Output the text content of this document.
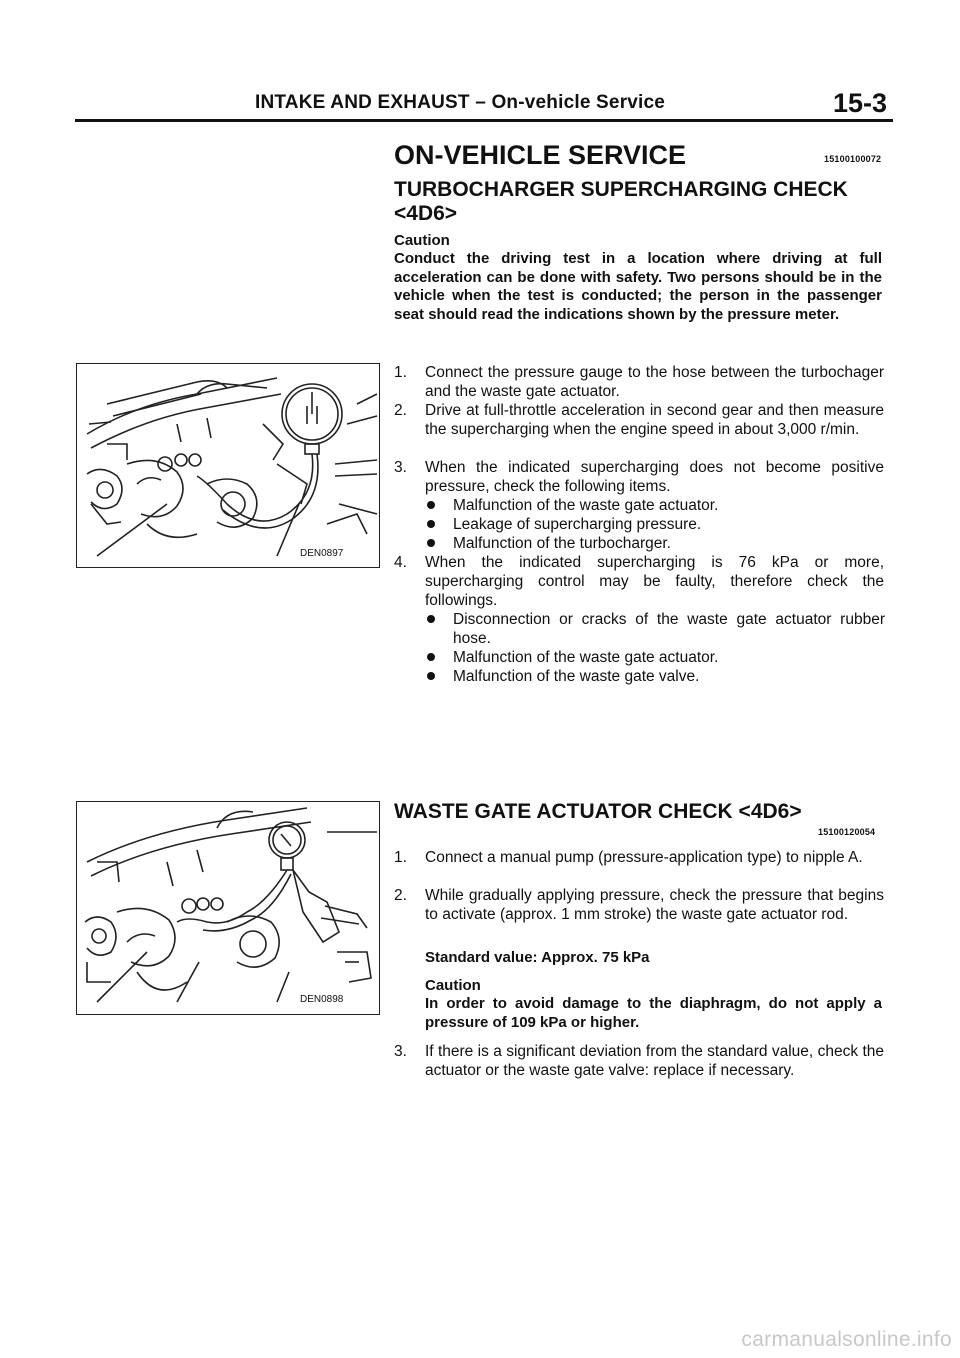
INTAKE AND EXHAUST – On-vehicle Service	15-3
ON-VEHICLE SERVICE	15100100072
TURBOCHARGER SUPERCHARGING CHECK <4D6>
Caution
Conduct the driving test in a location where driving at full acceleration can be done with safety. Two persons should be in the vehicle when the test is conducted; the person in the passenger seat should read the indications shown by the pressure meter.
DEN0897
1. Connect the pressure gauge to the hose between the turbochager and the waste gate actuator.
2. Drive at full-throttle acceleration in second gear and then measure the supercharging when the engine speed in about 3,000 r/min.
3. When the indicated supercharging does not become positive pressure, check the following items.
Malfunction of the waste gate actuator.
Leakage of supercharging pressure.
Malfunction of the turbocharger.
4. When the indicated supercharging is 76 kPa or more, supercharging control may be faulty, therefore check the followings.
Disconnection or cracks of the waste gate actuator rubber hose.
Malfunction of the waste gate actuator.
Malfunction of the waste gate valve.
WASTE GATE ACTUATOR CHECK <4D6>
15100120054
DEN0898
1. Connect a manual pump (pressure-application type) to nipple A.
2. While gradually applying pressure, check the pressure that begins to activate (approx. 1 mm stroke) the waste gate actuator rod.
Standard value: Approx. 75 kPa
Caution
In order to avoid damage to the diaphragm, do not apply a pressure of 109 kPa or higher.
3. If there is a significant deviation from the standard value, check the actuator or the waste gate valve: replace if necessary.
carmanualsonline.info
